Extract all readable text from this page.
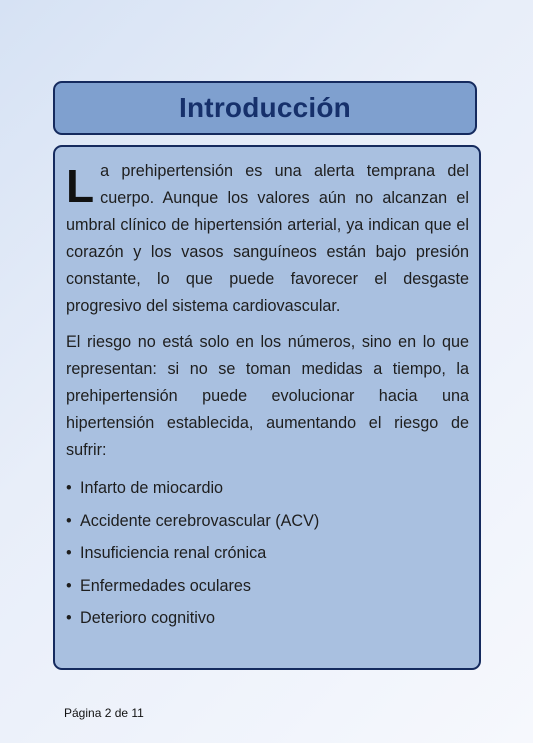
Introducción

La prehipertensión es una alerta temprana del cuerpo. Aunque los valores aún no alcanzan el umbral clínico de hipertensión arterial, ya indican que el corazón y los vasos sanguíneos están bajo presión constante, lo que puede favorecer el desgaste progresivo del sistema cardiovascular.

El riesgo no está solo en los números, sino en lo que representan: si no se toman medidas a tiempo, la prehipertensión puede evolucionar hacia una hipertensión establecida, aumentando el riesgo de sufrir:

• Infarto de miocardio
• Accidente cerebrovascular (ACV)
• Insuficiencia renal crónica
• Enfermedades oculares
• Deterioro cognitivo
Página 2 de 11
